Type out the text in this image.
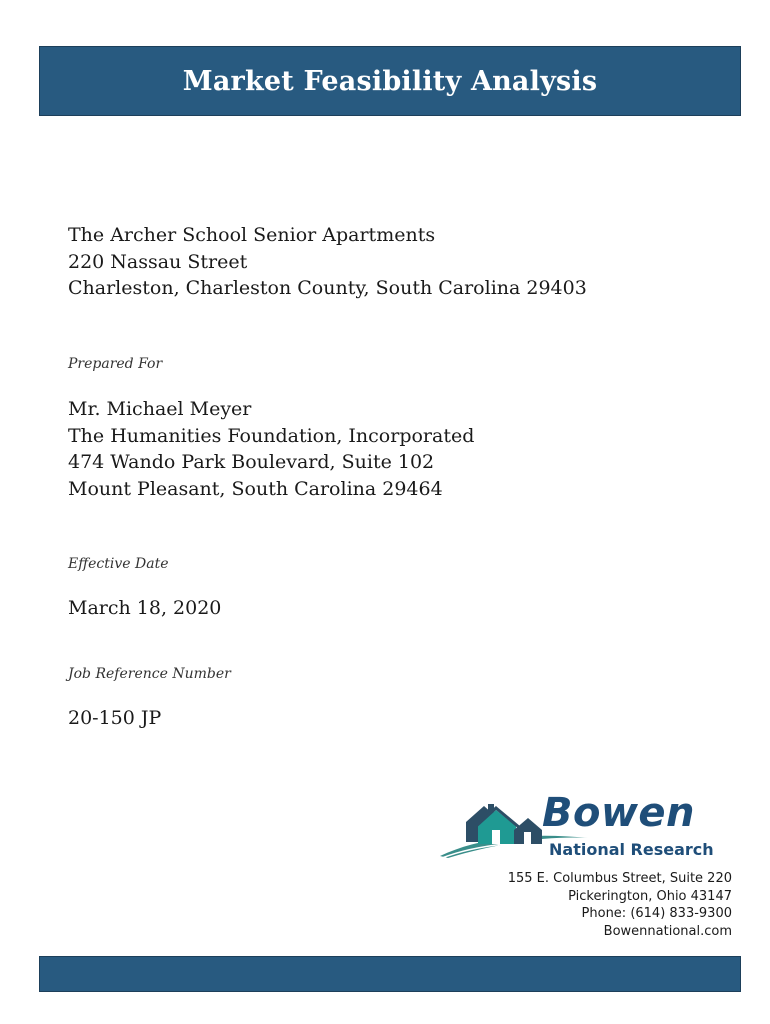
Market Feasibility Analysis
The Archer School Senior Apartments
220 Nassau Street
Charleston, Charleston County, South Carolina 29403
Prepared For
Mr. Michael Meyer
The Humanities Foundation, Incorporated
474 Wando Park Boulevard, Suite 102
Mount Pleasant, South Carolina 29464
Effective Date
March 18, 2020
Job Reference Number
20-150 JP
Bowen
National Research
155 E. Columbus Street, Suite 220
Pickerington, Ohio 43147
Phone: (614) 833-9300
Bowennational.com
